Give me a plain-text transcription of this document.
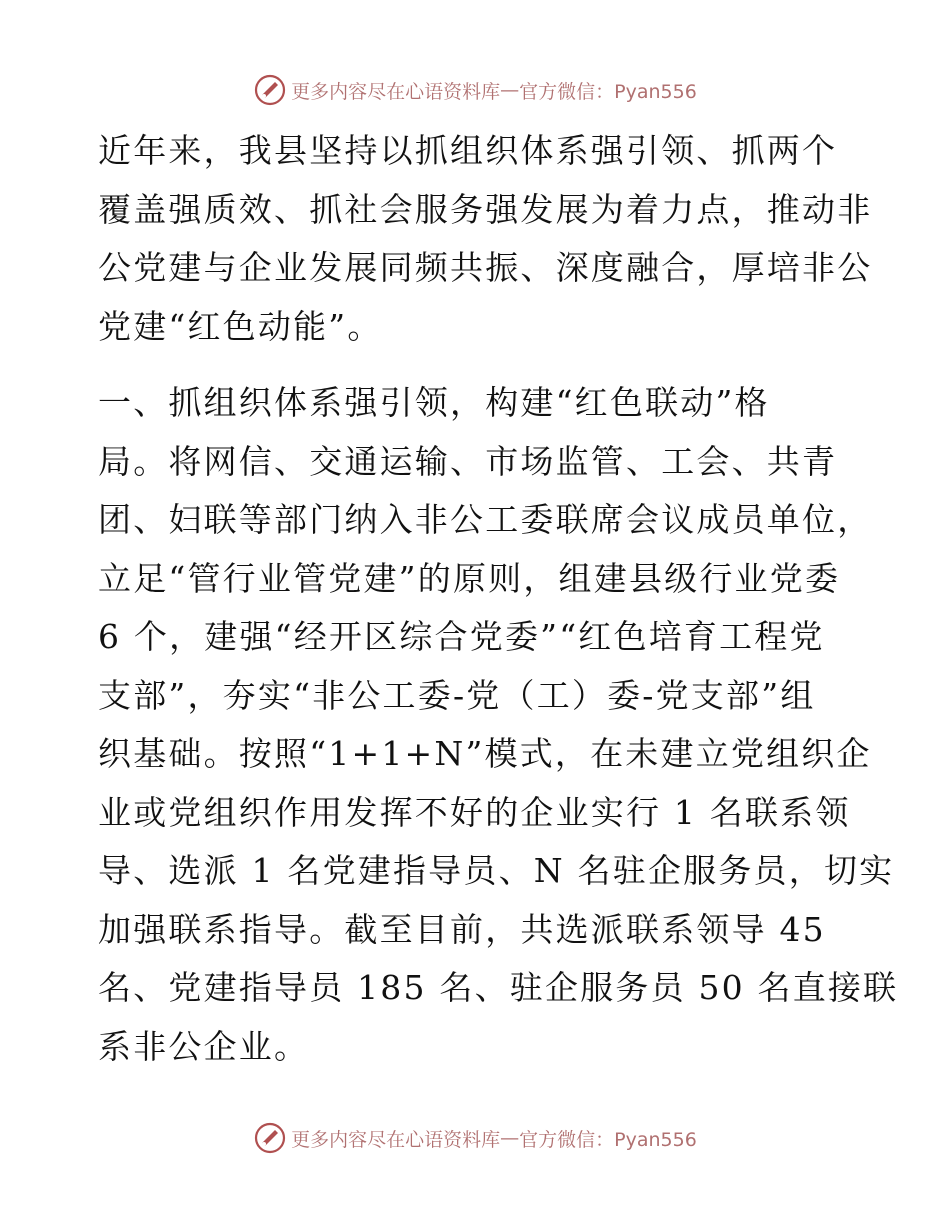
更多内容尽在心语资料库 — 官方微信：Pyan556

近年来，我县坚持以抓组织体系强引领、抓两个
覆盖强质效、抓社会服务强发展为着力点，推动非
公党建与企业发展同频共振、深度融合，厚培非公
党建“红色动能”。

一、抓组织体系强引领，构建“红色联动”格
局。将网信、交通运输、市场监管、工会、共青
团、妇联等部门纳入非公工委联席会议成员单位，
立足“管行业管党建”的原则，组建县级行业党委
6 个，建强“经开区综合党委”“红色培育工程党
支部”，夯实“非公工委-党（工）委-党支部”组
织基础。按照“1+1+N”模式，在未建立党组织企
业或党组织作用发挥不好的企业实行 1 名联系领
导、选派 1 名党建指导员、N 名驻企服务员，切实
加强联系指导。截至目前，共选派联系领导 45
名、党建指导员 185 名、驻企服务员 50 名直接联
系非公企业。

更多内容尽在心语资料库 — 官方微信：Pyan556
